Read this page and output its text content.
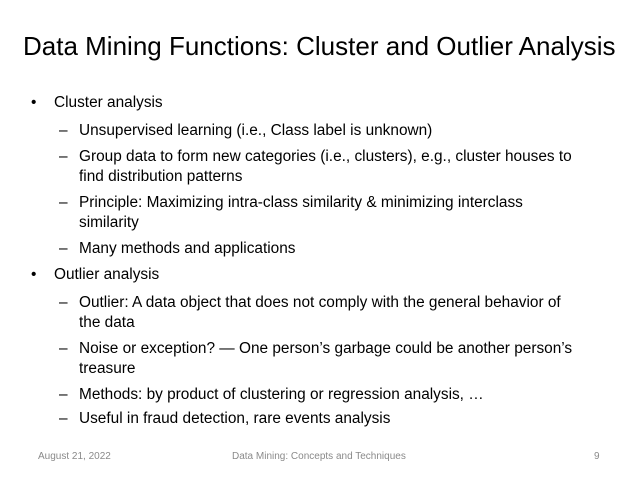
Data Mining Functions: Cluster and Outlier Analysis
• Cluster analysis
– Unsupervised learning (i.e., Class label is unknown)
– Group data to form new categories (i.e., clusters), e.g., cluster houses to
find distribution patterns
– Principle: Maximizing intra-class similarity & minimizing interclass
similarity
– Many methods and applications
• Outlier analysis
– Outlier: A data object that does not comply with the general behavior of
the data
– Noise or exception? — One person’s garbage could be another person’s
treasure
– Methods: by product of clustering or regression analysis, …
– Useful in fraud detection, rare events analysis
August 21, 2022	Data Mining: Concepts and Techniques	9
